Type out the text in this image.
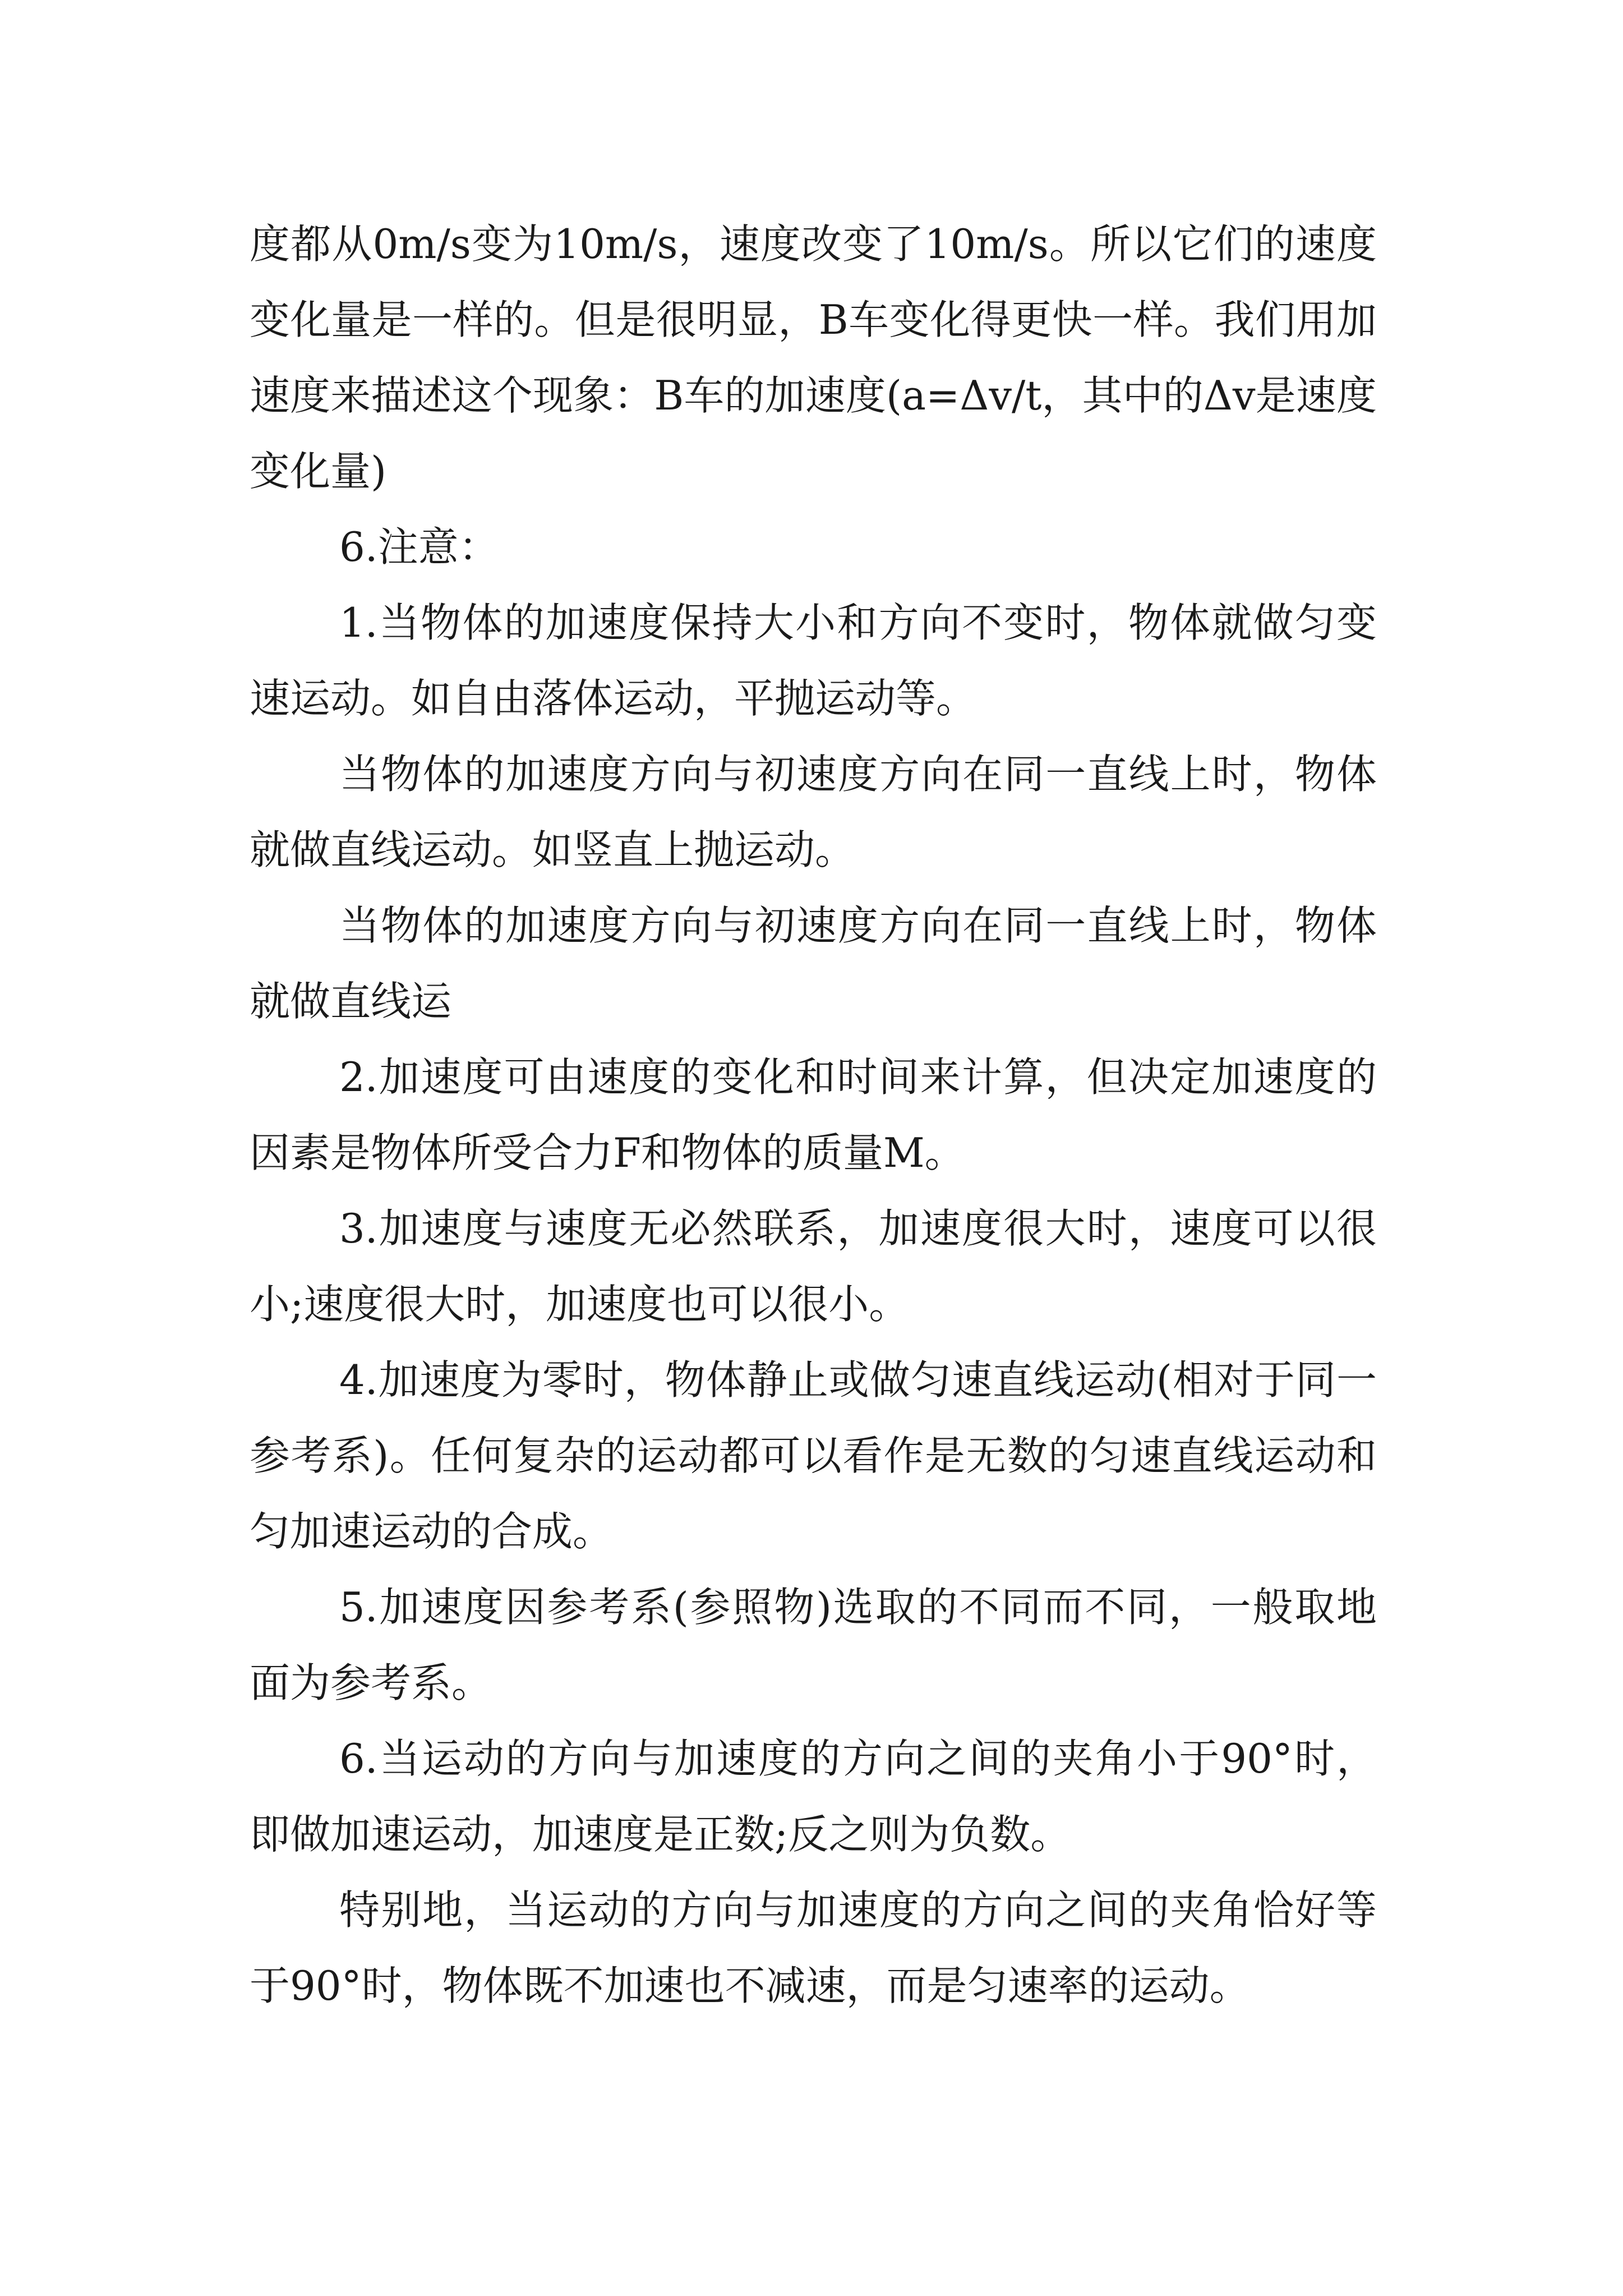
度都从0m/s变为10m/s，速度改变了10m/s。所以它们的速度变化量是一样的。但是很明显，B车变化得更快一样。我们用加速度来描述这个现象：B车的加速度(a=Δv/t，其中的Δv是速度变化量)

6.注意：

1.当物体的加速度保持大小和方向不变时，物体就做匀变速运动。如自由落体运动，平抛运动等。

当物体的加速度方向与初速度方向在同一直线上时，物体就做直线运动。如竖直上抛运动。

当物体的加速度方向与初速度方向在同一直线上时，物体就做直线运

2.加速度可由速度的变化和时间来计算，但决定加速度的因素是物体所受合力F和物体的质量M。

3.加速度与速度无必然联系，加速度很大时，速度可以很小;速度很大时，加速度也可以很小。

4.加速度为零时，物体静止或做匀速直线运动(相对于同一参考系)。任何复杂的运动都可以看作是无数的匀速直线运动和匀加速运动的合成。

5.加速度因参考系(参照物)选取的不同而不同，一般取地面为参考系。

6.当运动的方向与加速度的方向之间的夹角小于90°时，即做加速运动，加速度是正数;反之则为负数。

特别地，当运动的方向与加速度的方向之间的夹角恰好等于90°时，物体既不加速也不减速，而是匀速率的运动。
